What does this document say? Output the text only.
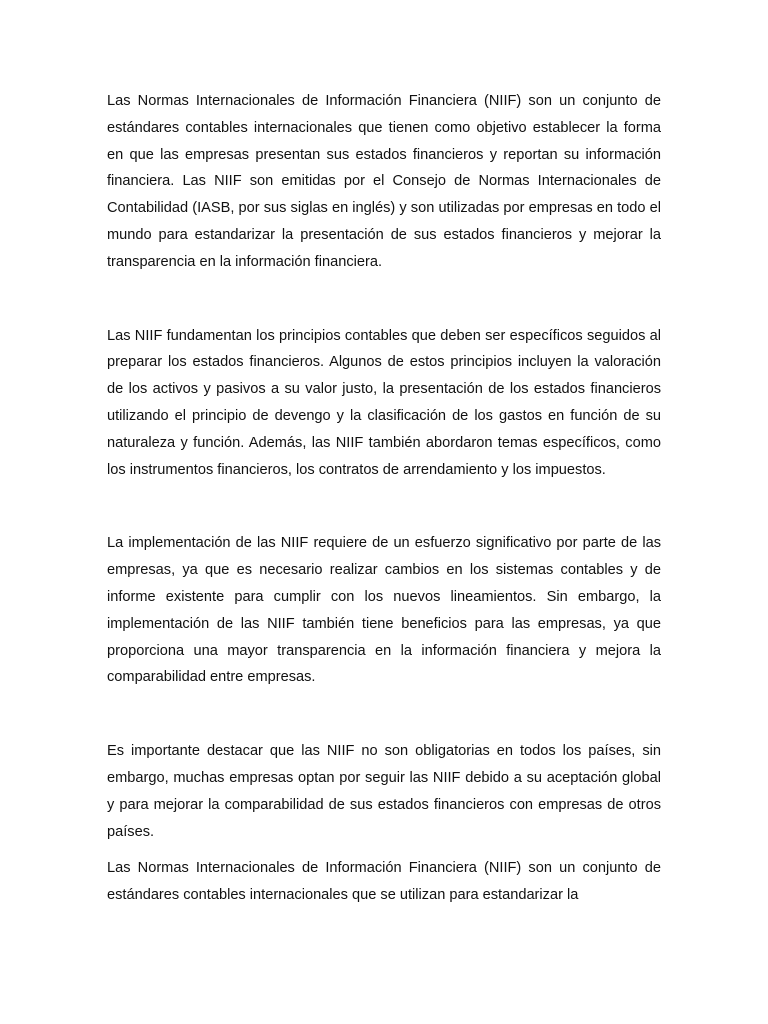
Las Normas Internacionales de Información Financiera (NIIF) son un conjunto de estándares contables internacionales que tienen como objetivo establecer la forma en que las empresas presentan sus estados financieros y reportan su información financiera. Las NIIF son emitidas por el Consejo de Normas Internacionales de Contabilidad (IASB, por sus siglas en inglés) y son utilizadas por empresas en todo el mundo para estandarizar la presentación de sus estados financieros y mejorar la transparencia en la información financiera.

Las NIIF fundamentan los principios contables que deben ser específicos seguidos al preparar los estados financieros. Algunos de estos principios incluyen la valoración de los activos y pasivos a su valor justo, la presentación de los estados financieros utilizando el principio de devengo y la clasificación de los gastos en función de su naturaleza y función. Además, las NIIF también abordaron temas específicos, como los instrumentos financieros, los contratos de arrendamiento y los impuestos.

La implementación de las NIIF requiere de un esfuerzo significativo por parte de las empresas, ya que es necesario realizar cambios en los sistemas contables y de informe existente para cumplir con los nuevos lineamientos. Sin embargo, la implementación de las NIIF también tiene beneficios para las empresas, ya que proporciona una mayor transparencia en la información financiera y mejora la comparabilidad entre empresas.

Es importante destacar que las NIIF no son obligatorias en todos los países, sin embargo, muchas empresas optan por seguir las NIIF debido a su aceptación global y para mejorar la comparabilidad de sus estados financieros con empresas de otros países.

Las Normas Internacionales de Información Financiera (NIIF) son un conjunto de estándares contables internacionales que se utilizan para estandarizar la
